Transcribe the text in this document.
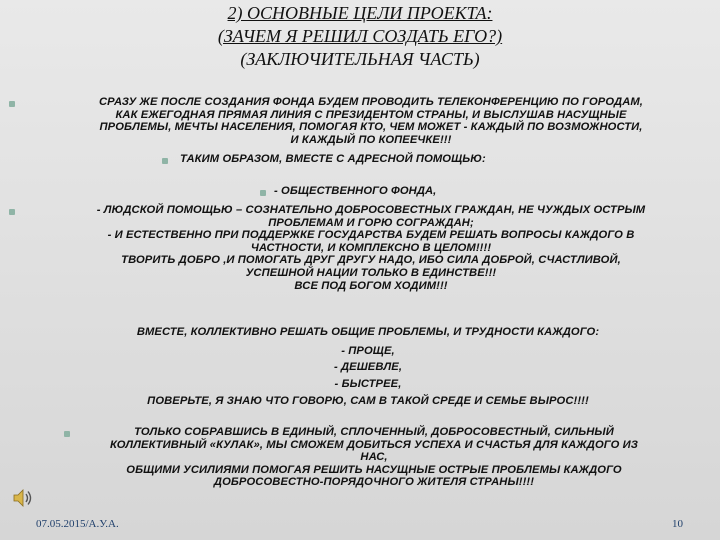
2) ОСНОВНЫЕ ЦЕЛИ ПРОЕКТА:
(ЗАЧЕМ Я РЕШИЛ СОЗДАТЬ ЕГО?)
(ЗАКЛЮЧИТЕЛЬНАЯ ЧАСТЬ)
СРАЗУ ЖЕ ПОСЛЕ СОЗДАНИЯ ФОНДА БУДЕМ ПРОВОДИТЬ ТЕЛЕКОНФЕРЕНЦИЮ ПО ГОРОДАМ,
КАК ЕЖЕГОДНАЯ ПРЯМАЯ ЛИНИЯ С ПРЕЗИДЕНТОМ СТРАНЫ, И ВЫСЛУШАВ НАСУЩНЫЕ
ПРОБЛЕМЫ, МЕЧТЫ НАСЕЛЕНИЯ, ПОМОГАЯ КТО, ЧЕМ МОЖЕТ - КАЖДЫЙ ПО ВОЗМОЖНОСТИ,
И КАЖДЫЙ ПО КОПЕЕЧКЕ!!!
ТАКИМ ОБРАЗОМ, ВМЕСТЕ С АДРЕСНОЙ ПОМОЩЬЮ:
- ОБЩЕСТВЕННОГО ФОНДА,
- ЛЮДСКОЙ ПОМОЩЬЮ – СОЗНАТЕЛЬНО ДОБРОСОВЕСТНЫХ ГРАЖДАН, НЕ ЧУЖДЫХ ОСТРЫМ
ПРОБЛЕМАМ И ГОРЮ СОГРАЖДАН;
- И ЕСТЕСТВЕННО ПРИ ПОДДЕРЖКЕ ГОСУДАРСТВА БУДЕМ РЕШАТЬ ВОПРОСЫ КАЖДОГО В
ЧАСТНОСТИ, И КОМПЛЕКСНО В ЦЕЛОМ!!!!
ТВОРИТЬ ДОБРО ,И ПОМОГАТЬ ДРУГ ДРУГУ НАДО, ИБО СИЛА ДОБРОЙ, СЧАСТЛИВОЙ,
УСПЕШНОЙ НАЦИИ ТОЛЬКО В ЕДИНСТВЕ!!!
ВСЕ ПОД БОГОМ ХОДИМ!!!
ВМЕСТЕ, КОЛЛЕКТИВНО РЕШАТЬ ОБЩИЕ ПРОБЛЕМЫ, И ТРУДНОСТИ КАЖДОГО:
- ПРОЩЕ,
- ДЕШЕВЛЕ,
- БЫСТРЕЕ,
ПОВЕРЬТЕ, Я ЗНАЮ ЧТО ГОВОРЮ, САМ В ТАКОЙ СРЕДЕ И СЕМЬЕ ВЫРОС!!!!
ТОЛЬКО СОБРАВШИСЬ В ЕДИНЫЙ, СПЛОЧЕННЫЙ, ДОБРОСОВЕСТНЫЙ, СИЛЬНЫЙ
КОЛЛЕКТИВНЫЙ «КУЛАК», МЫ СМОЖЕМ ДОБИТЬСЯ УСПЕХА И СЧАСТЬЯ ДЛЯ КАЖДОГО ИЗ
НАС,
ОБЩИМИ УСИЛИЯМИ ПОМОГАЯ РЕШИТЬ НАСУЩНЫЕ ОСТРЫЕ ПРОБЛЕМЫ КАЖДОГО
ДОБРОСОВЕСТНО-ПОРЯДОЧНОГО ЖИТЕЛЯ СТРАНЫ!!!!
07.05.2015/А.У.А.	10
